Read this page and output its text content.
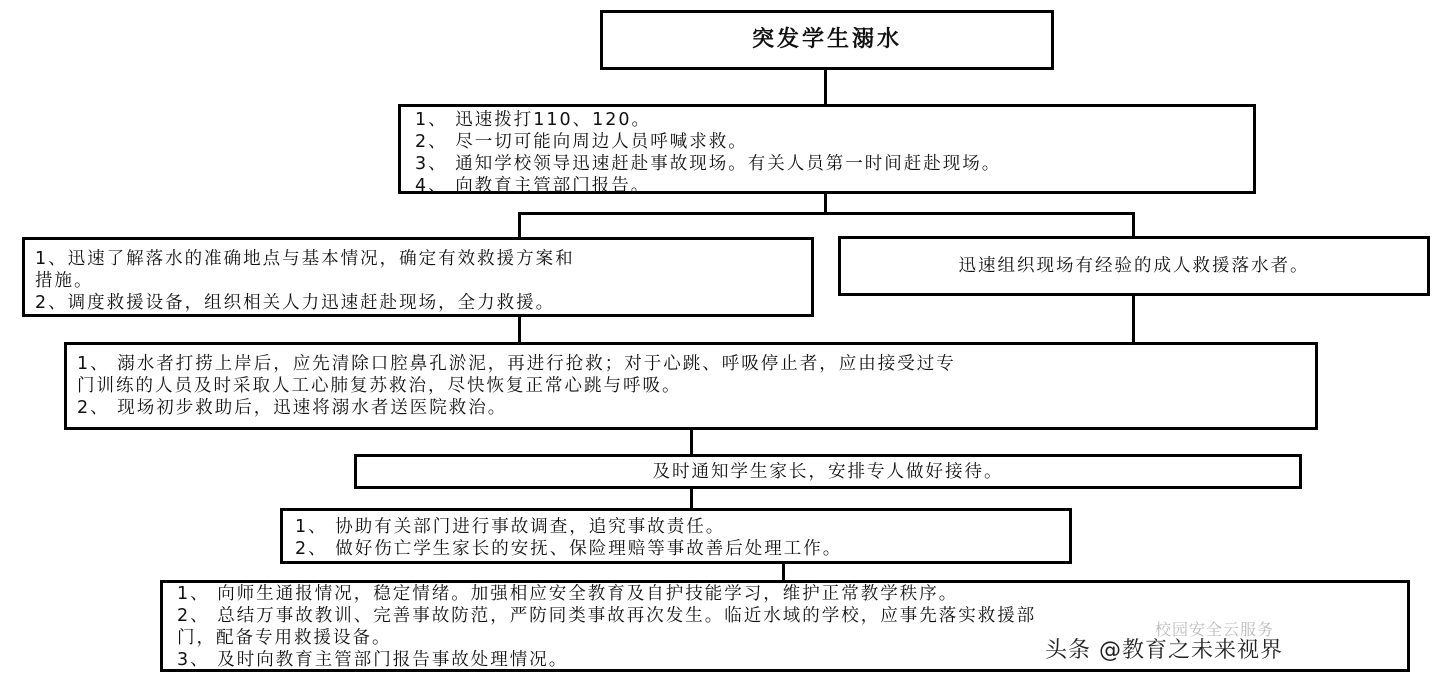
突发学生溺水
1、 迅速拨打110、120。
2、 尽一切可能向周边人员呼喊求救。
3、 通知学校领导迅速赶赴事故现场。有关人员第一时间赶赴现场。
4、 向教育主管部门报告。
1、迅速了解落水的准确地点与基本情况，确定有效救援方案和
措施。
2、调度救援设备，组织相关人力迅速赶赴现场，全力救援。
迅速组织现场有经验的成人救援落水者。
1、 溺水者打捞上岸后，应先清除口腔鼻孔淤泥，再进行抢救；对于心跳、呼吸停止者，应由接受过专
门训练的人员及时采取人工心肺复苏救治，尽快恢复正常心跳与呼吸。
2、 现场初步救助后，迅速将溺水者送医院救治。
及时通知学生家长，安排专人做好接待。
1、 协助有关部门进行事故调查，追究事故责任。
2、 做好伤亡学生家长的安抚、保险理赔等事故善后处理工作。
1、 向师生通报情况，稳定情绪。加强相应安全教育及自护技能学习，维护正常教学秩序。
2、 总结万事故教训、完善事故防范，严防同类事故再次发生。临近水域的学校，应事先落实救援部
门，配备专用救援设备。
3、 及时向教育主管部门报告事故处理情况。
校园安全云服务
头条 @教育之未来视界
